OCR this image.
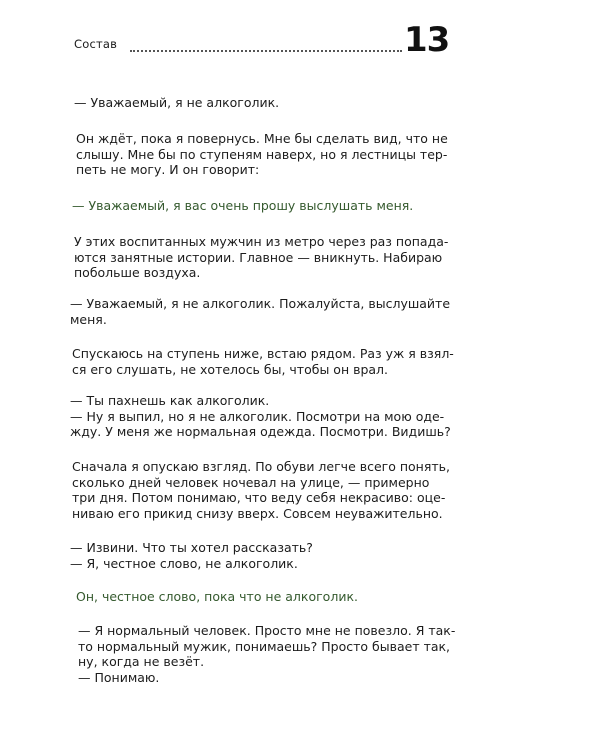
Состав	13
— Уважаемый, я не алкоголик.
Он ждёт, пока я повернусь. Мне бы сделать вид, что не
слышу. Мне бы по ступеням наверх, но я лестницы тер-
петь не могу. И он говорит:
— Уважаемый, я вас очень прошу выслушать меня.
У этих воспитанных мужчин из метро через раз попада-
ются занятные истории. Главное — вникнуть. Набираю
побольше воздуха.
— Уважаемый, я не алкоголик. Пожалуйста, выслушайте
меня.
Спускаюсь на ступень ниже, встаю рядом. Раз уж я взял-
ся его слушать, не хотелось бы, чтобы он врал.
— Ты пахнешь как алкоголик.
— Ну я выпил, но я не алкоголик. Посмотри на мою оде-
жду. У меня же нормальная одежда. Посмотри. Видишь?
Сначала я опускаю взгляд. По обуви легче всего понять,
сколько дней человек ночевал на улице, — примерно
три дня. Потом понимаю, что веду себя некрасиво: оце-
ниваю его прикид снизу вверх. Совсем неуважительно.
— Извини. Что ты хотел рассказать?
— Я, честное слово, не алкоголик.
Он, честное слово, пока что не алкоголик.
— Я нормальный человек. Просто мне не повезло. Я так-
то нормальный мужик, понимаешь? Просто бывает так,
ну, когда не везёт.
— Понимаю.
